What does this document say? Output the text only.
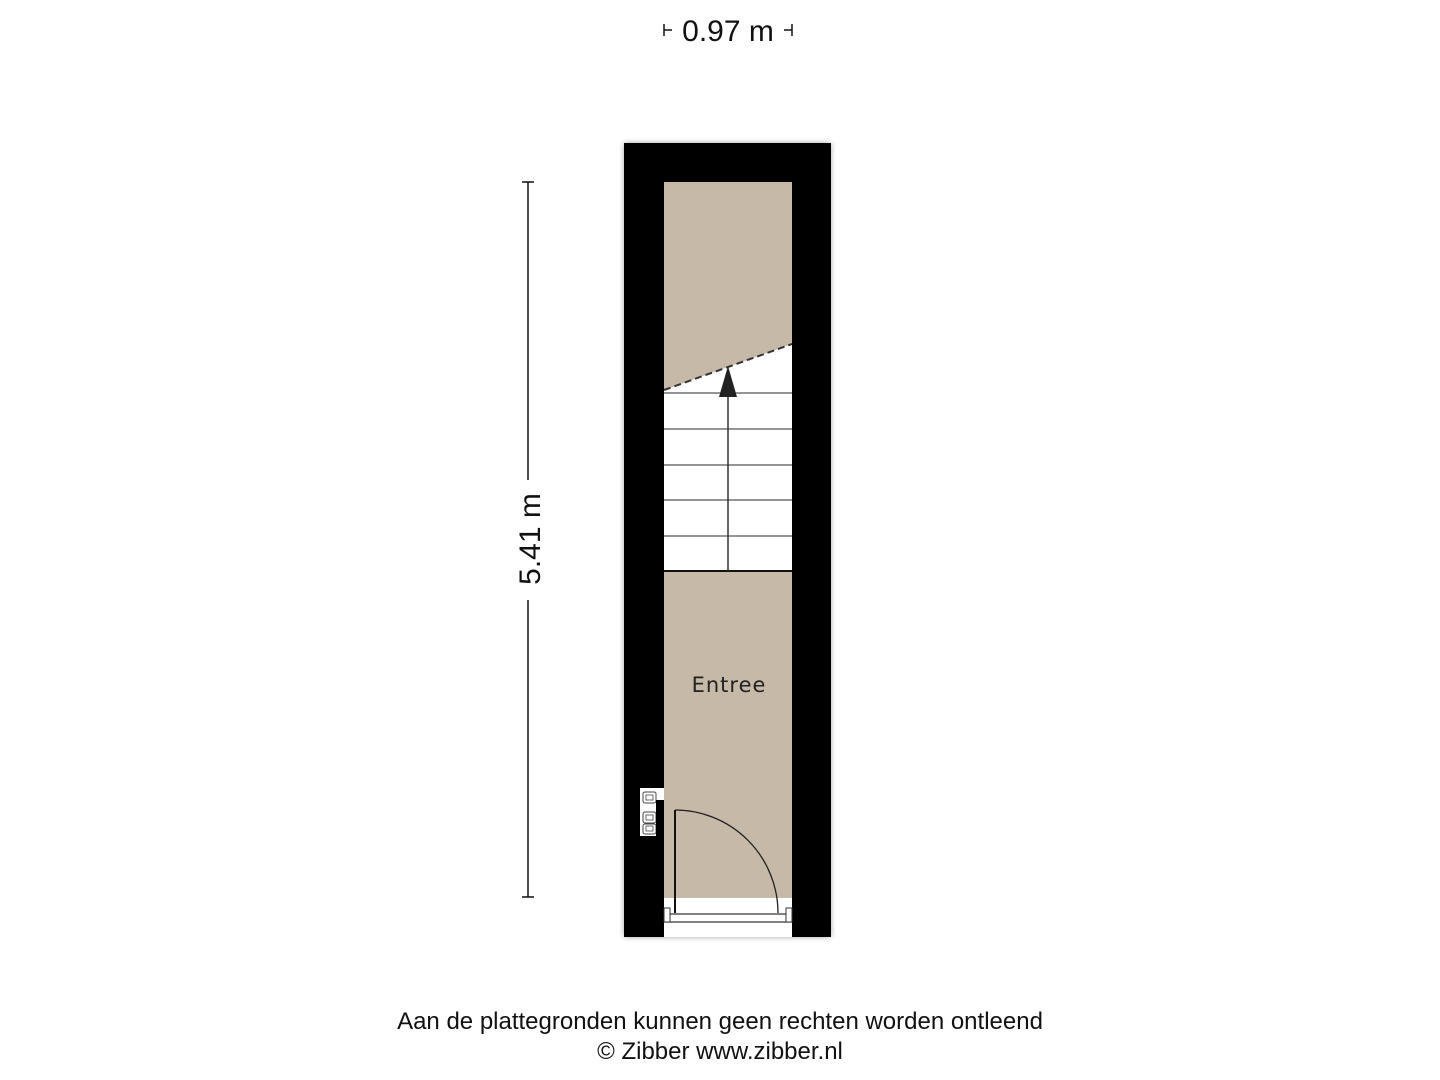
0.97 m
5.41 m
Entree
Aan de plattegronden kunnen geen rechten worden ontleend
© Zibber www.zibber.nl
